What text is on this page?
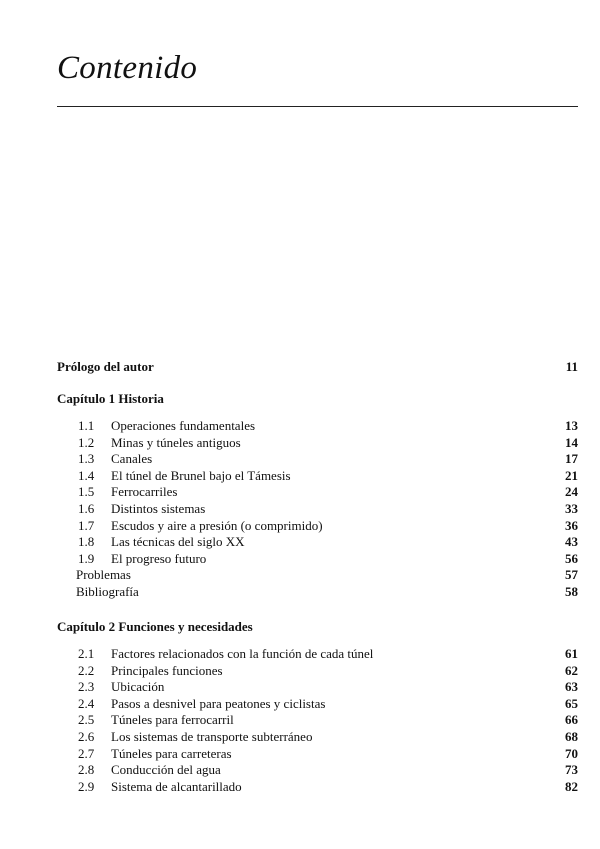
Contenido
Prólogo del autor	11
Capítulo 1 Historia
1.1 Operaciones fundamentales	13
1.2 Minas y túneles antiguos	14
1.3 Canales	17
1.4 El túnel de Brunel bajo el Támesis	21
1.5 Ferrocarriles	24
1.6 Distintos sistemas	33
1.7 Escudos y aire a presión (o comprimido)	36
1.8 Las técnicas del siglo XX	43
1.9 El progreso futuro	56
Problemas	57
Bibliografía	58
Capítulo 2 Funciones y necesidades
2.1 Factores relacionados con la función de cada túnel	61
2.2 Principales funciones	62
2.3 Ubicación	63
2.4 Pasos a desnivel para peatones y ciclistas	65
2.5 Túneles para ferrocarril	66
2.6 Los sistemas de transporte subterráneo	68
2.7 Túneles para carreteras	70
2.8 Conducción del agua	73
2.9 Sistema de alcantarillado	82
